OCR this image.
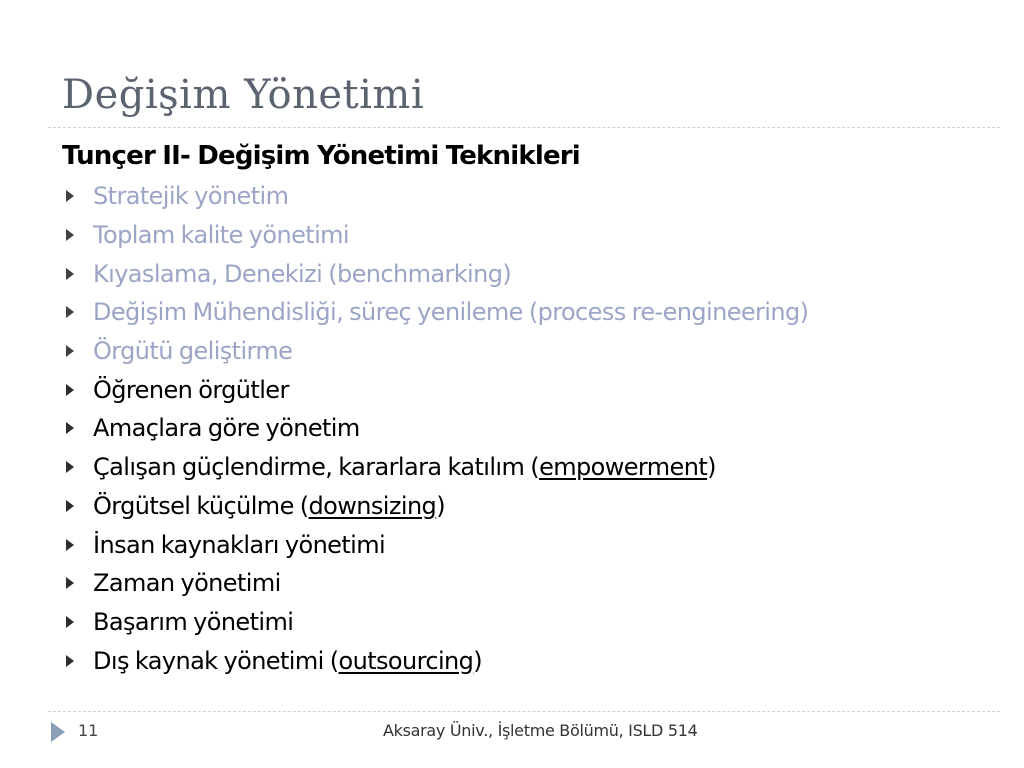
Değişim Yönetimi
Tunçer II- Değişim Yönetimi Teknikleri
Stratejik yönetim
Toplam kalite yönetimi
Kıyaslama, Denekizi (benchmarking)
Değişim Mühendisliği, süreç yenileme (process re-engineering)
Örgütü geliştirme
Öğrenen örgütler
Amaçlara göre yönetim
Çalışan güçlendirme, kararlara katılım ( empowerment )
Örgütsel küçülme ( downsizing )
İnsan kaynakları yönetimi
Zaman yönetimi
Başarım yönetimi
Dış kaynak yönetimi ( outsourcing )
11	Aksaray Üniv., İşletme Bölümü, ISLD 514
